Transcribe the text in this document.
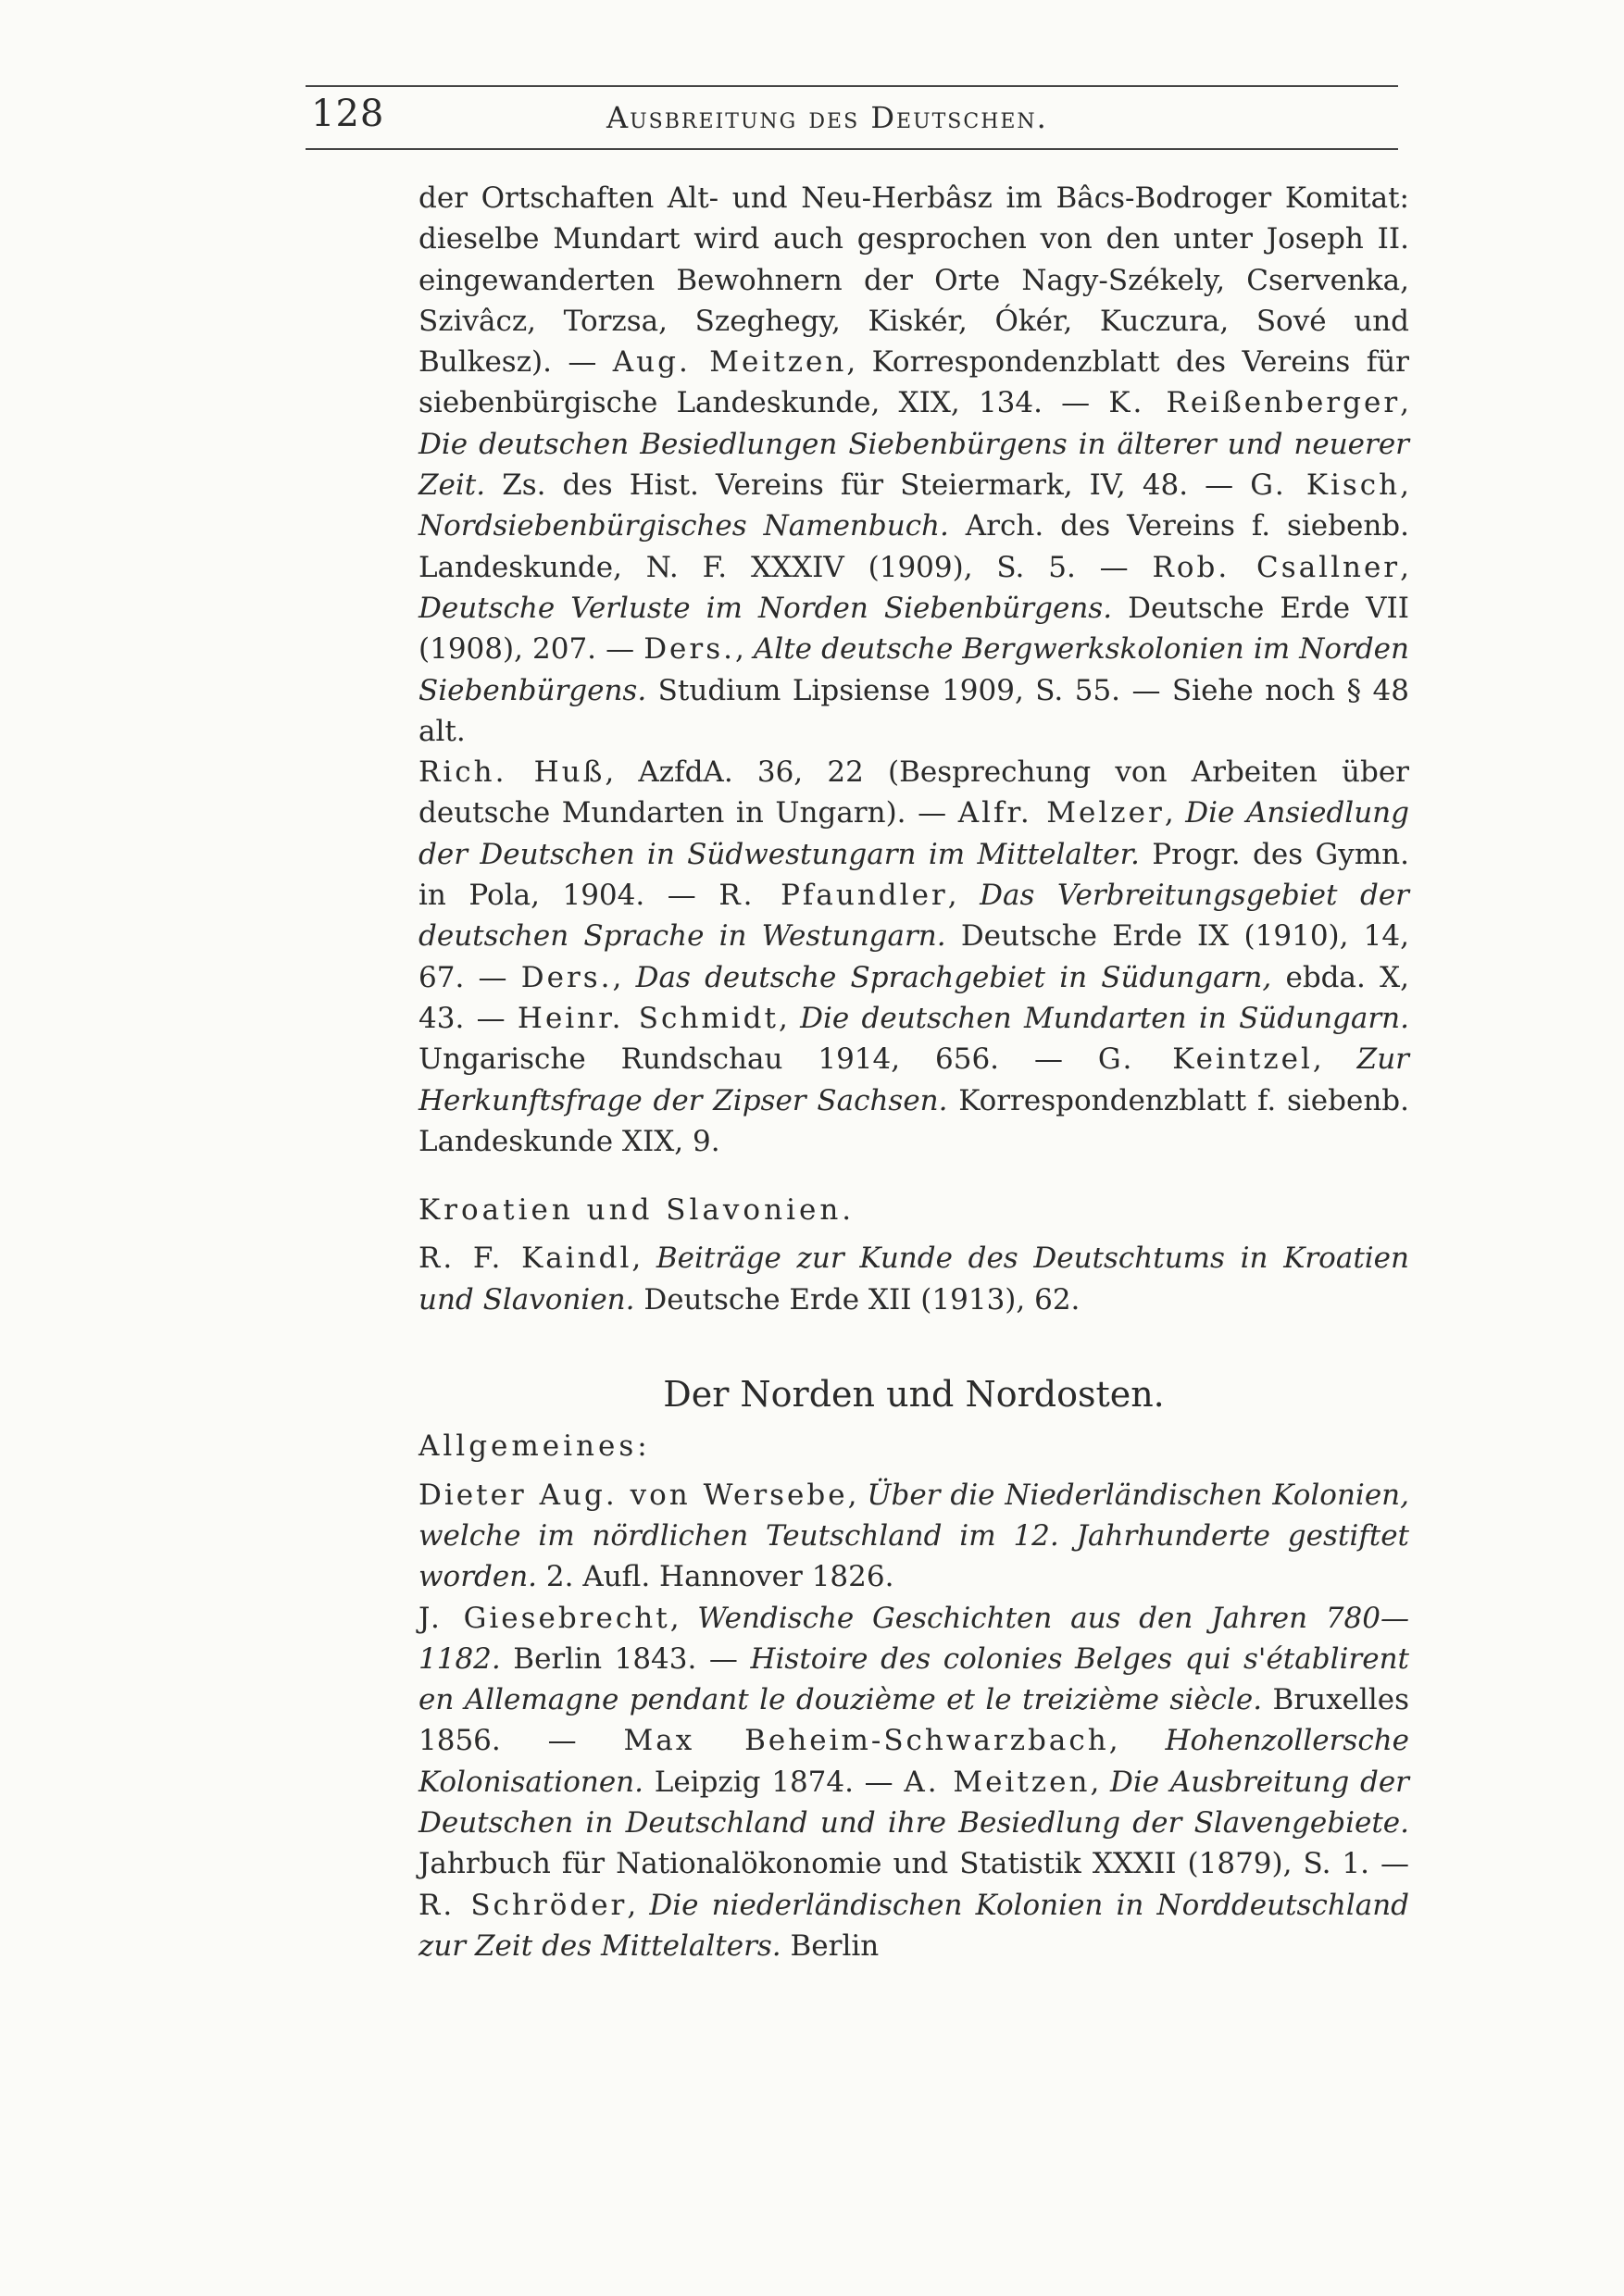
128	Ausbreitung des Deutschen.

der Ortschaften Alt- und Neu-Herbâsz im Bâcs-Bodroger Komitat: dieselbe Mundart wird auch gesprochen von den unter Joseph II. eingewanderten Bewohnern der Orte Nagy-Székely, Cservenka, Szivâcz, Torzsa, Szeghegy, Kiskér, Ókér, Kuczura, Sové und Bulkesz). — Aug. Meitzen, Korrespondenzblatt des Vereins für siebenbürgische Landeskunde, XIX, 134. — K. Reißenberger, Die deutschen Besiedlungen Siebenbürgens in älterer und neuerer Zeit. Zs. des Hist. Vereins für Steiermark, IV, 48. — G. Kisch, Nordsiebenbürgisches Namenbuch. Arch. des Vereins f. siebenb. Landeskunde, N. F. XXXIV (1909), S. 5. — Rob. Csallner, Deutsche Verluste im Norden Siebenbürgens. Deutsche Erde VII (1908), 207. — Ders., Alte deutsche Bergwerkskolonien im Norden Siebenbürgens. Studium Lipsiense 1909, S. 55. — Siehe noch § 48 alt.

Rich. Huß, AzfdA. 36, 22 (Besprechung von Arbeiten über deutsche Mundarten in Ungarn). — Alfr. Melzer, Die Ansiedlung der Deutschen in Südwestungarn im Mittelalter. Progr. des Gymn. in Pola, 1904. — R. Pfaundler, Das Verbreitungsgebiet der deutschen Sprache in Westungarn. Deutsche Erde IX (1910), 14, 67. — Ders., Das deutsche Sprachgebiet in Südungarn, ebda. X, 43. — Heinr. Schmidt, Die deutschen Mundarten in Südungarn. Ungarische Rundschau 1914, 656. — G. Keintzel, Zur Herkunftsfrage der Zipser Sachsen. Korrespondenzblatt f. siebenb. Landeskunde XIX, 9.

Kroatien und Slavonien.

R. F. Kaindl, Beiträge zur Kunde des Deutschtums in Kroatien und Slavonien. Deutsche Erde XII (1913), 62.

Der Norden und Nordosten.

Allgemeines:

Dieter Aug. von Wersebe, Über die Niederländischen Kolonien, welche im nördlichen Teutschland im 12. Jahrhunderte gestiftet worden. 2. Aufl. Hannover 1826.

J. Giesebrecht, Wendische Geschichten aus den Jahren 780—1182. Berlin 1843. — Histoire des colonies Belges qui s'établirent en Allemagne pendant le douzième et le treizième siècle. Bruxelles 1856. — Max Beheim-Schwarzbach, Hohenzollersche Kolonisationen. Leipzig 1874. — A. Meitzen, Die Ausbreitung der Deutschen in Deutschland und ihre Besiedlung der Slavengebiete. Jahrbuch für Nationalökonomie und Statistik XXXII (1879), S. 1. — R. Schröder, Die niederländischen Kolonien in Norddeutschland zur Zeit des Mittelalters. Berlin
